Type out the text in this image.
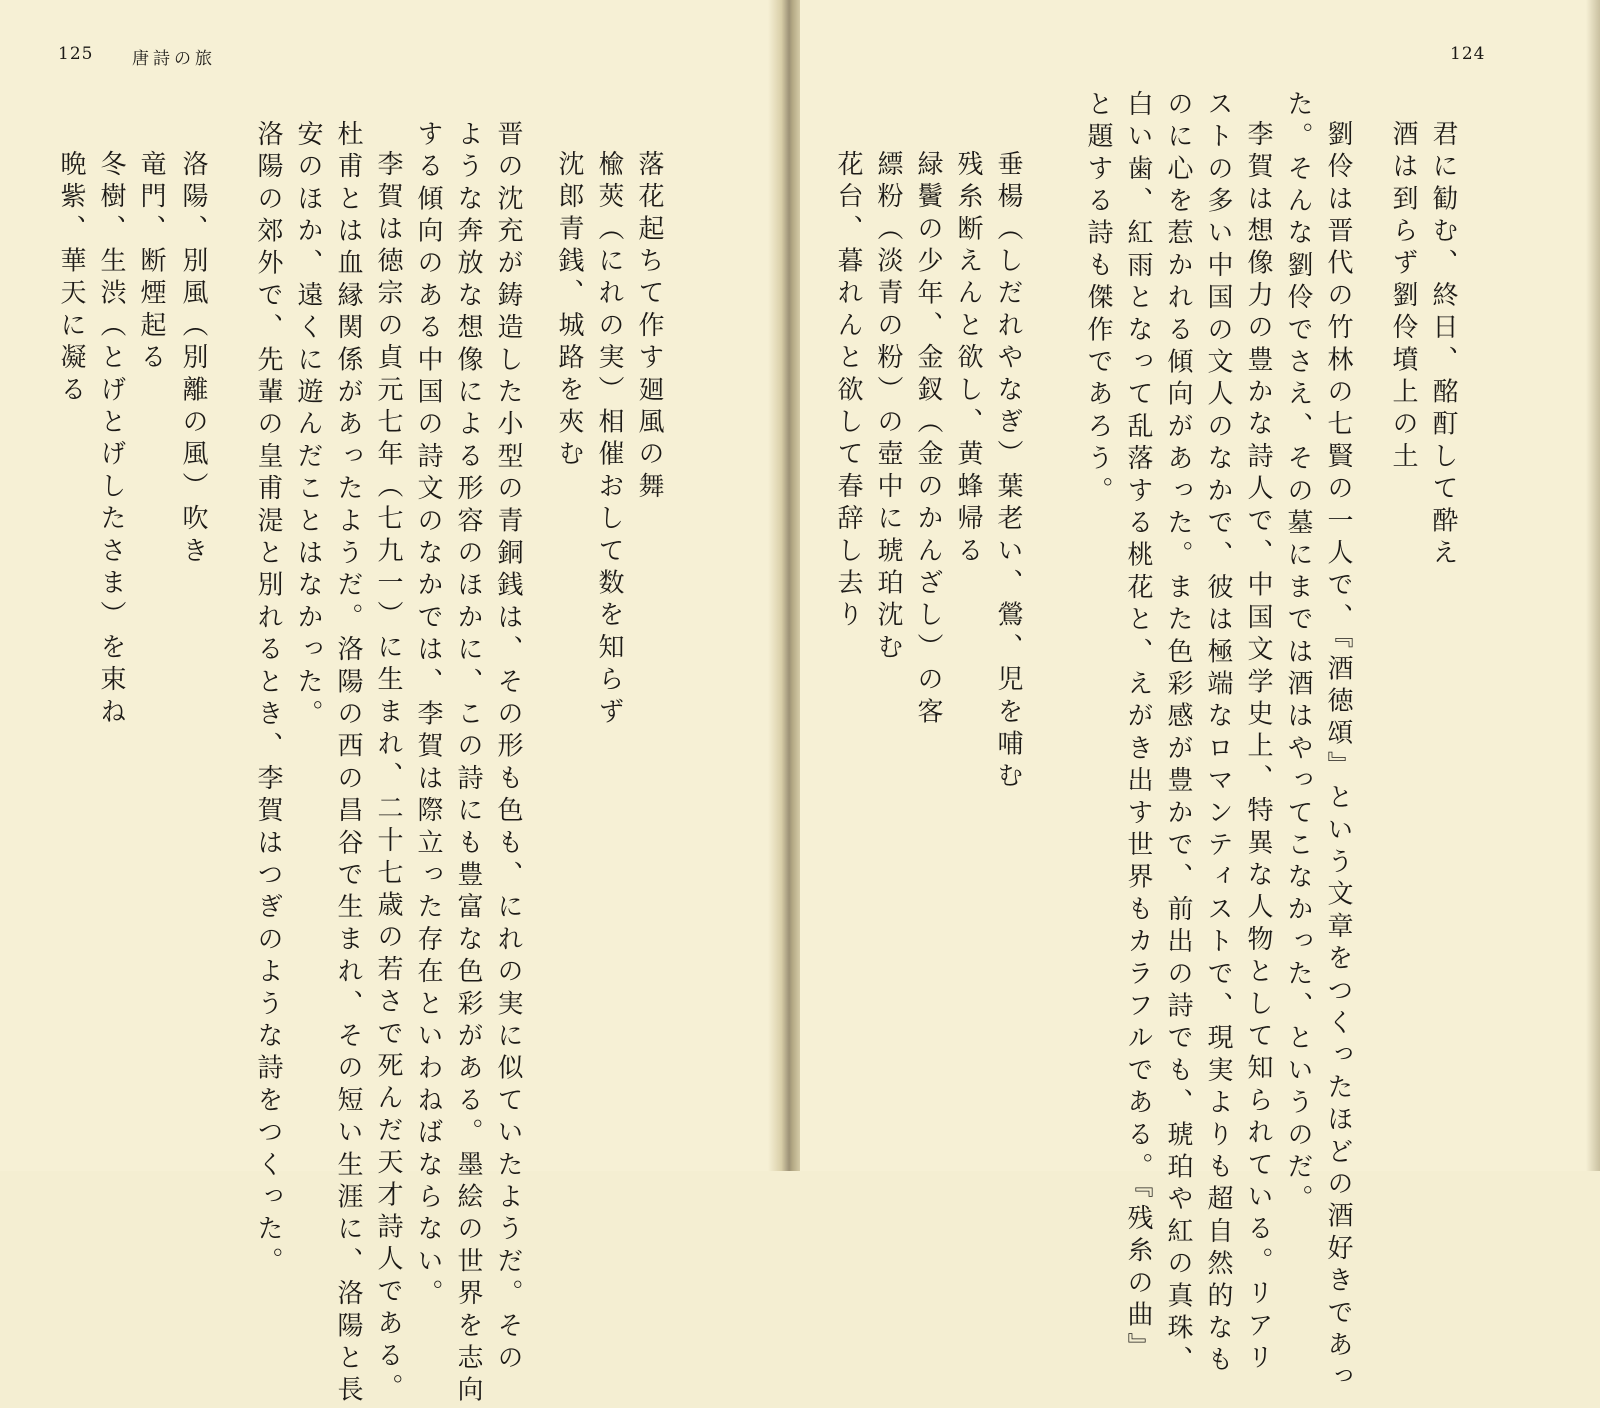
125 唐詩の旅
洛陽、別風（別離の風）吹き
竜門、断煙起る
冬樹、生渋（とげとげしたさま）を束ね
晩紫、華天に凝る	落花起ちて作す廻風の舞
楡莢（にれの実）相催おして数を知らず
沈郎青銭、城路を夾む
晋の沈充が鋳造した小型の青銅銭は、その形も色も、にれの実に似ていたようだ。その
ような奔放な想像による形容のほかに、この詩にも豊富な色彩がある。墨絵の世界を志向
する傾向のある中国の詩文のなかでは、李賀は際立った存在といわねばならない。
李賀は徳宗の貞元七年（七九一）に生まれ、二十七歳の若さで死んだ天才詩人である。
杜甫とは血縁関係があったようだ。洛陽の西の昌谷で生まれ、その短い生涯に、洛陽と長
安のほか、遠くに遊んだことはなかった。
洛陽の郊外で、先輩の皇甫湜と別れるとき、李賀はつぎのような詩をつくった。
124
君に勧む、終日、酩酊して酔え
酒は到らず劉伶墳上の土
劉伶は晋代の竹林の七賢の一人で、『酒徳頌』という文章をつくったほどの酒好きであっ
た。そんな劉伶でさえ、その墓にまでは酒はやってこなかった、というのだ。
李賀は想像力の豊かな詩人で、中国文学史上、特異な人物として知られている。リアリ
ストの多い中国の文人のなかで、彼は極端なロマンティストで、現実よりも超自然的なも
のに心を惹かれる傾向があった。また色彩感が豊かで、前出の詩でも、琥珀や紅の真珠、
白い歯、紅雨となって乱落する桃花と、えがき出す世界もカラフルである。『残糸の曲』
と題する詩も傑作であろう。
垂楊（しだれやなぎ）葉老い、鶯、児を哺む
残糸断えんと欲し、黄蜂帰る
緑鬢の少年、金釵（金のかんざし）の客
縹粉（淡青の粉）の壺中に琥珀沈む
花台、暮れんと欲して春辞し去り
